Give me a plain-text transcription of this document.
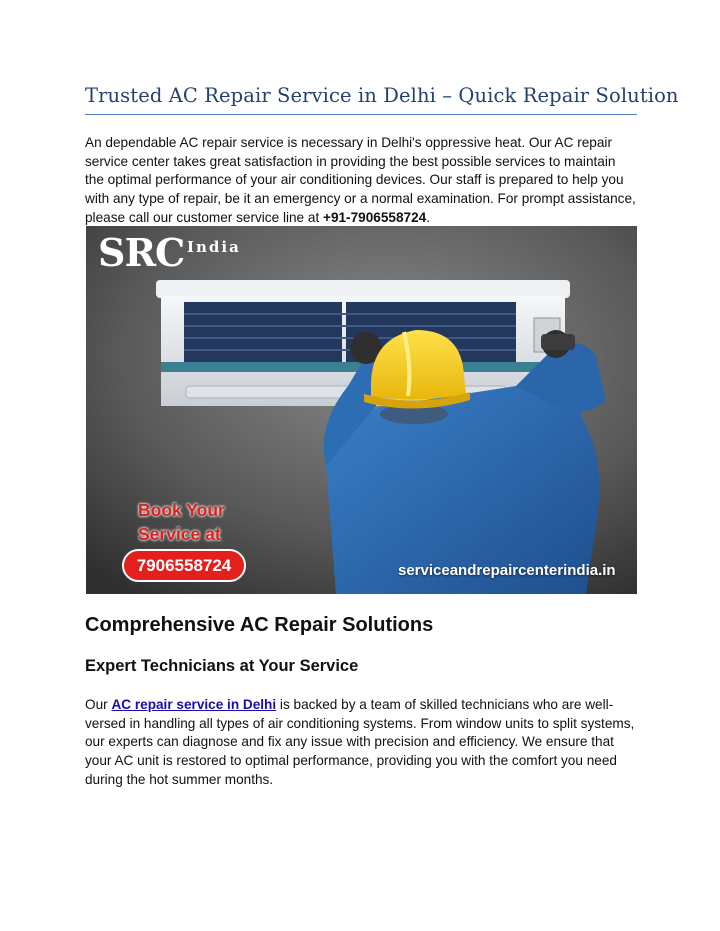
Trusted AC Repair Service in Delhi – Quick Repair Solution

An dependable AC repair service is necessary in Delhi's oppressive heat. Our AC repair service center takes great satisfaction in providing the best possible services to maintain the optimal performance of your air conditioning devices. Our staff is prepared to help you with any type of repair, be it an emergency or a normal examination. For prompt assistance, please call our customer service line at +91-7906558724.

SRC India
Book Your
Service at
7906558724	serviceandrepaircenterindia.in
Comprehensive AC Repair Solutions
Expert Technicians at Your Service

Our AC repair service in Delhi is backed by a team of skilled technicians who are well-versed in handling all types of air conditioning systems. From window units to split systems, our experts can diagnose and fix any issue with precision and efficiency. We ensure that your AC unit is restored to optimal performance, providing you with the comfort you need during the hot summer months.
